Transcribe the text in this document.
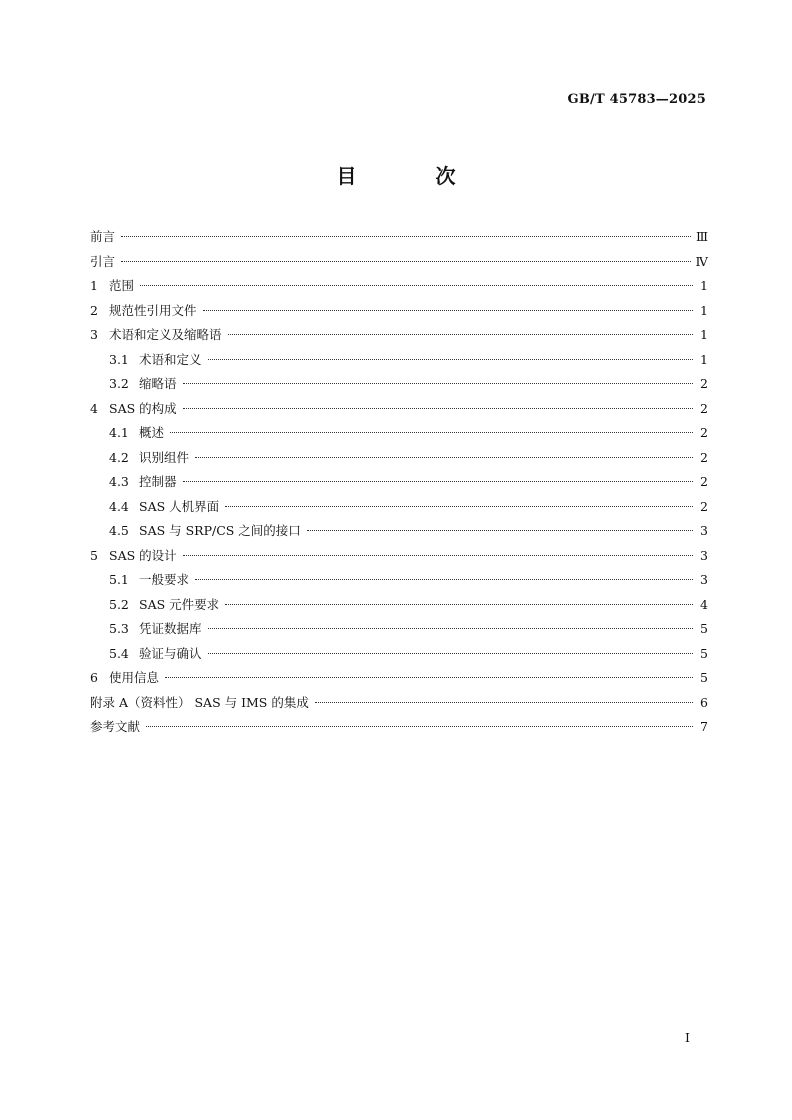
GB/T 45783—2025
目 次
前言	Ⅲ
引言	Ⅳ
1 范围	1
2 规范性引用文件	1
3 术语和定义及缩略语	1
3.1 术语和定义	1
3.2 缩略语	2
4 SAS 的构成	2
4.1 概述	2
4.2 识别组件	2
4.3 控制器	2
4.4 SAS 人机界面	2
4.5 SAS 与 SRP/CS 之间的接口	3
5 SAS 的设计	3
5.1 一般要求	3
5.2 SAS 元件要求	4
5.3 凭证数据库	5
5.4 验证与确认	5
6 使用信息	5
附录 A（资料性） SAS 与 IMS 的集成	6
参考文献	7
I
